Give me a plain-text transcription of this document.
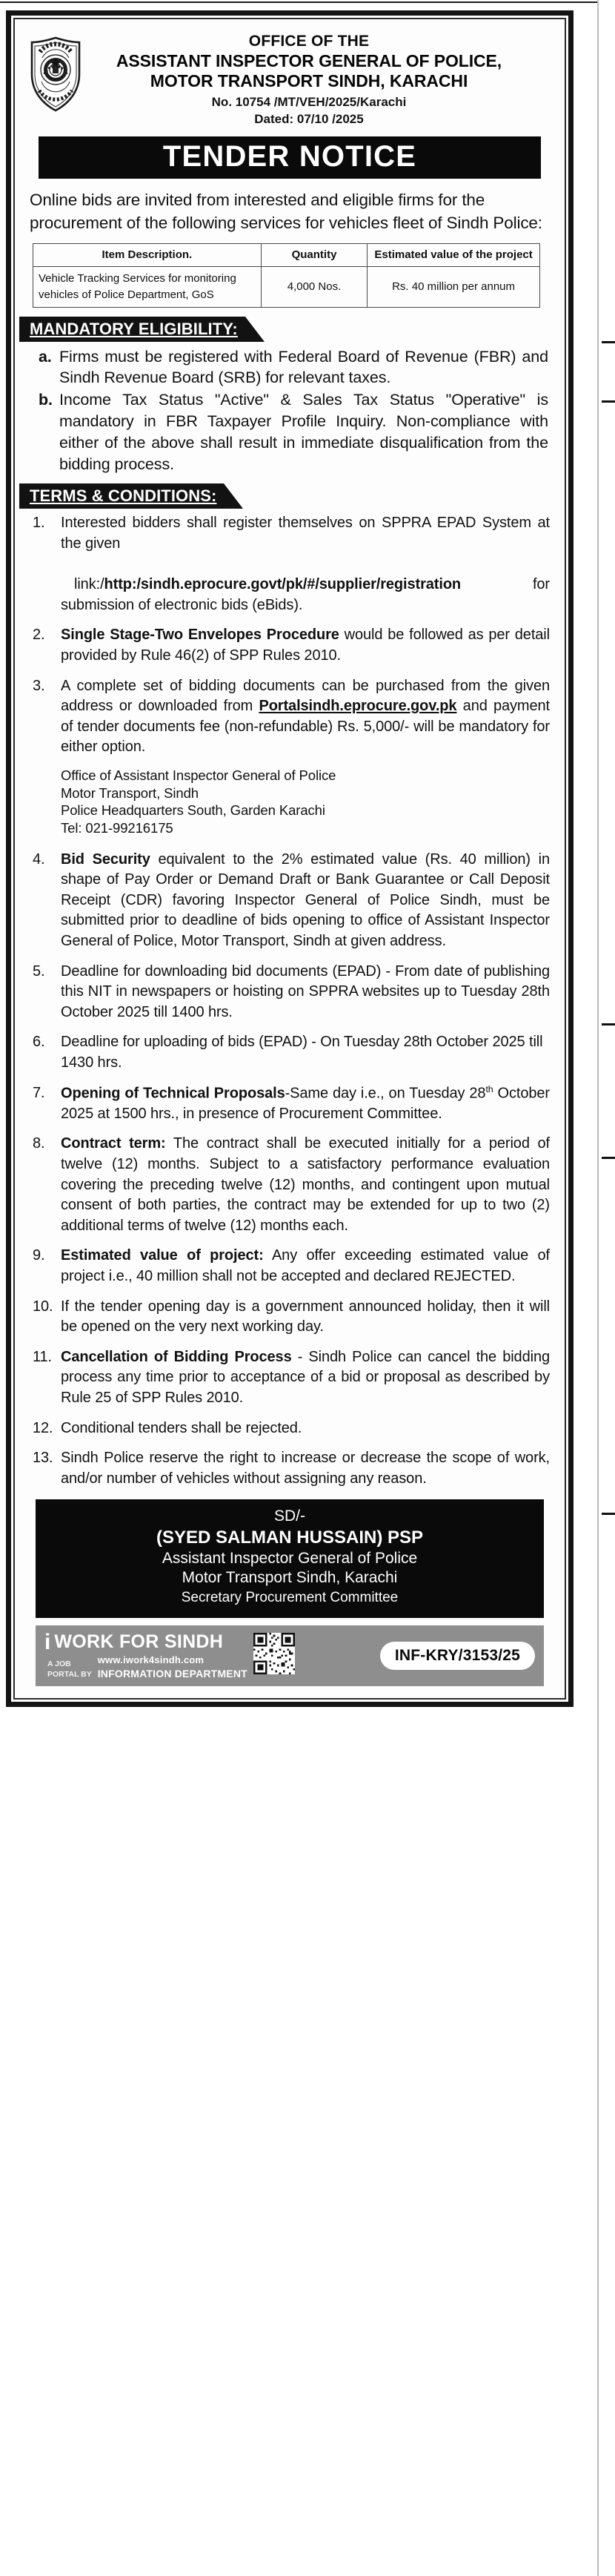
OFFICE OF THE
ASSISTANT INSPECTOR GENERAL OF POLICE,
MOTOR TRANSPORT SINDH, KARACHI
No. 10754 /MT/VEH/2025/Karachi
Dated: 07/10 /2025
TENDER NOTICE
Online bids are invited from interested and eligible firms for the procurement of the following services for vehicles fleet of Sindh Police:
Item Description.	Quantity	Estimated value of the project
Vehicle Tracking Services for monitoring vehicles of Police Department, GoS	4,000 Nos.	Rs. 40 million per annum
MANDATORY ELIGIBILITY:
a. Firms must be registered with Federal Board of Revenue (FBR) and Sindh Revenue Board (SRB) for relevant taxes.
b. Income Tax Status "Active" & Sales Tax Status "Operative" is mandatory in FBR Taxpayer Profile Inquiry. Non-compliance with either of the above shall result in immediate disqualification from the bidding process.
TERMS & CONDITIONS:
1.	Interested bidders shall register themselves on SPPRA EPAD System at the given

link:/http:/sindh.eprocure.govt/pk/#/supplier/registration for submission of electronic bids (eBids).
2.	Single Stage-Two Envelopes Procedure would be followed as per detail provided by Rule 46(2) of SPP Rules 2010.
3.	A complete set of bidding documents can be purchased from the given address or downloaded from Portalsindh.eprocure.gov.pk and payment of tender documents fee (non-refundable) Rs. 5,000/- will be mandatory for either option.
Office of Assistant Inspector General of Police
Motor Transport, Sindh
Police Headquarters South, Garden Karachi
Tel: 021-99216175
4.	Bid Security equivalent to the 2% estimated value (Rs. 40 million) in shape of Pay Order or Demand Draft or Bank Guarantee or Call Deposit Receipt (CDR) favoring Inspector General of Police Sindh, must be submitted prior to deadline of bids opening to office of Assistant Inspector General of Police, Motor Transport, Sindh at given address.
5.	Deadline for downloading bid documents (EPAD) - From date of publishing this NIT in newspapers or hoisting on SPPRA websites up to Tuesday 28th October 2025 till 1400 hrs.
6.	Deadline for uploading of bids (EPAD) - On Tuesday 28th October 2025 till 1430 hrs.
7.	Opening of Technical Proposals-Same day i.e., on Tuesday 28th October 2025 at 1500 hrs., in presence of Procurement Committee.
8.	Contract term: The contract shall be executed initially for a period of twelve (12) months. Subject to a satisfactory performance evaluation covering the preceding twelve (12) months, and contingent upon mutual consent of both parties, the contract may be extended for up to two (2) additional terms of twelve (12) months each.
9.	Estimated value of project: Any offer exceeding estimated value of project i.e., 40 million shall not be accepted and declared REJECTED.
10. If the tender opening day is a government announced holiday, then it will be opened on the very next working day.
11. Cancellation of Bidding Process - Sindh Police can cancel the bidding process any time prior to acceptance of a bid or proposal as described by Rule 25 of SPP Rules 2010.
12. Conditional tenders shall be rejected.
13. Sindh Police reserve the right to increase or decrease the scope of work, and/or number of vehicles without assigning any reason.
SD/-
(SYED SALMAN HUSSAIN) PSP
Assistant Inspector General of Police
Motor Transport Sindh, Karachi
Secretary Procurement Committee
i WORK FOR SINDH
A JOB
PORTAL BY
www.iwork4sindh.com
INFORMATION DEPARTMENT
INF-KRY/3153/25
